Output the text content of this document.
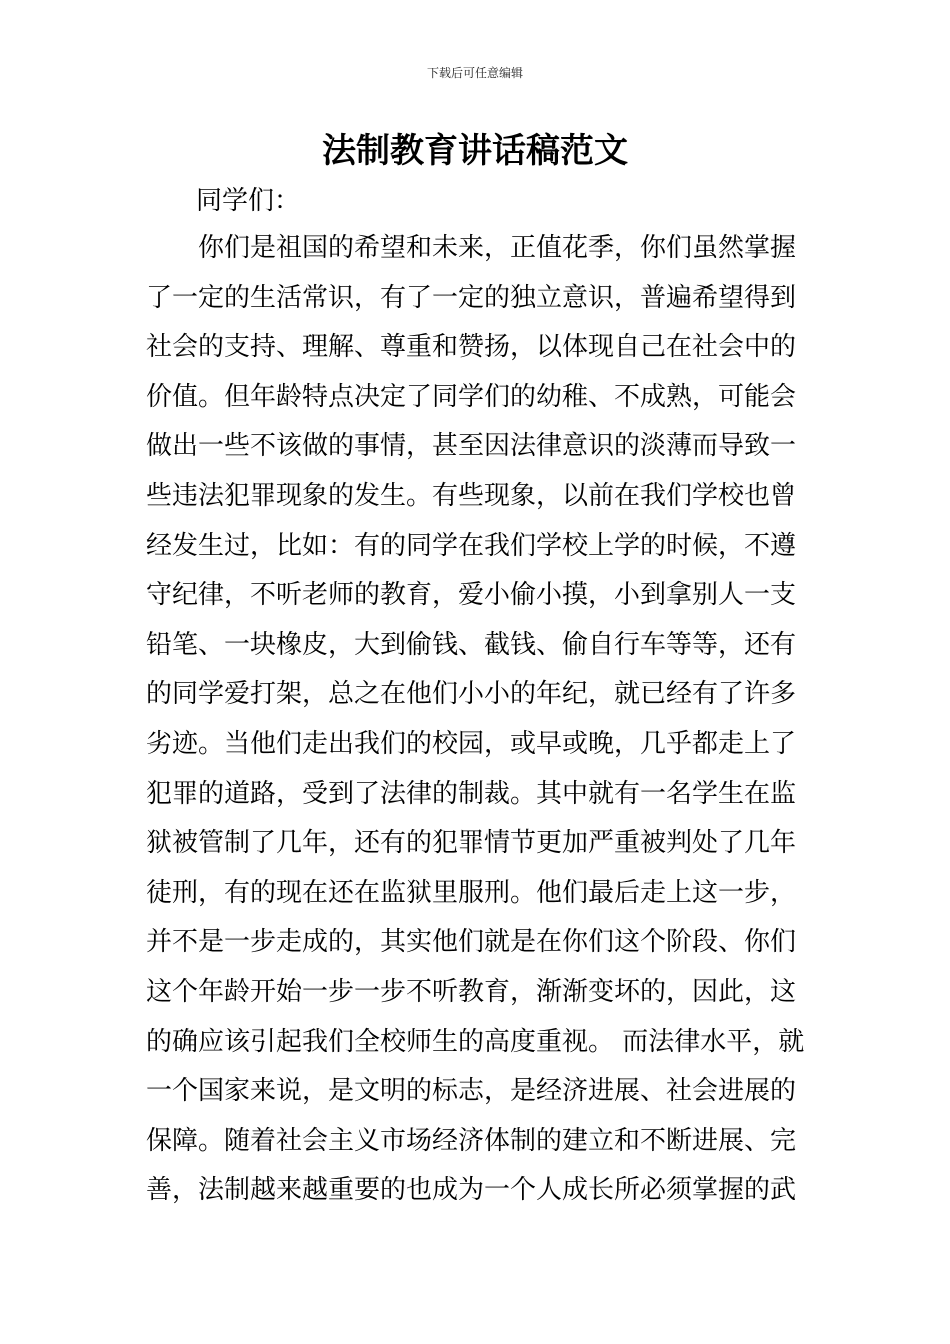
下载后可任意编辑
法制教育讲话稿范文

同学们：

你们是祖国的希望和未来，正值花季，你们虽然掌握
了一定的生活常识，有了一定的独立意识，普遍希望得到
社会的支持、理解、尊重和赞扬，以体现自己在社会中的
价值。但年龄特点决定了同学们的幼稚、不成熟，可能会
做出一些不该做的事情，甚至因法律意识的淡薄而导致一
些违法犯罪现象的发生。有些现象，以前在我们学校也曾
经发生过，比如：有的同学在我们学校上学的时候，不遵
守纪律，不听老师的教育，爱小偷小摸，小到拿别人一支
铅笔、一块橡皮，大到偷钱、截钱、偷自行车等等，还有
的同学爱打架，总之在他们小小的年纪，就已经有了许多
劣迹。当他们走出我们的校园，或早或晚，几乎都走上了
犯罪的道路，受到了法律的制裁。其中就有一名学生在监
狱被管制了几年，还有的犯罪情节更加严重被判处了几年
徒刑，有的现在还在监狱里服刑。他们最后走上这一步，
并不是一步走成的，其实他们就是在你们这个阶段、你们
这个年龄开始一步一步不听教育，渐渐变坏的，因此，这
的确应该引起我们全校师生的高度重视。 而法律水平，就
一个国家来说，是文明的标志，是经济进展、社会进展的
保障。随着社会主义市场经济体制的建立和不断进展、完
善，法制越来越重要的也成为一个人成长所必须掌握的武
